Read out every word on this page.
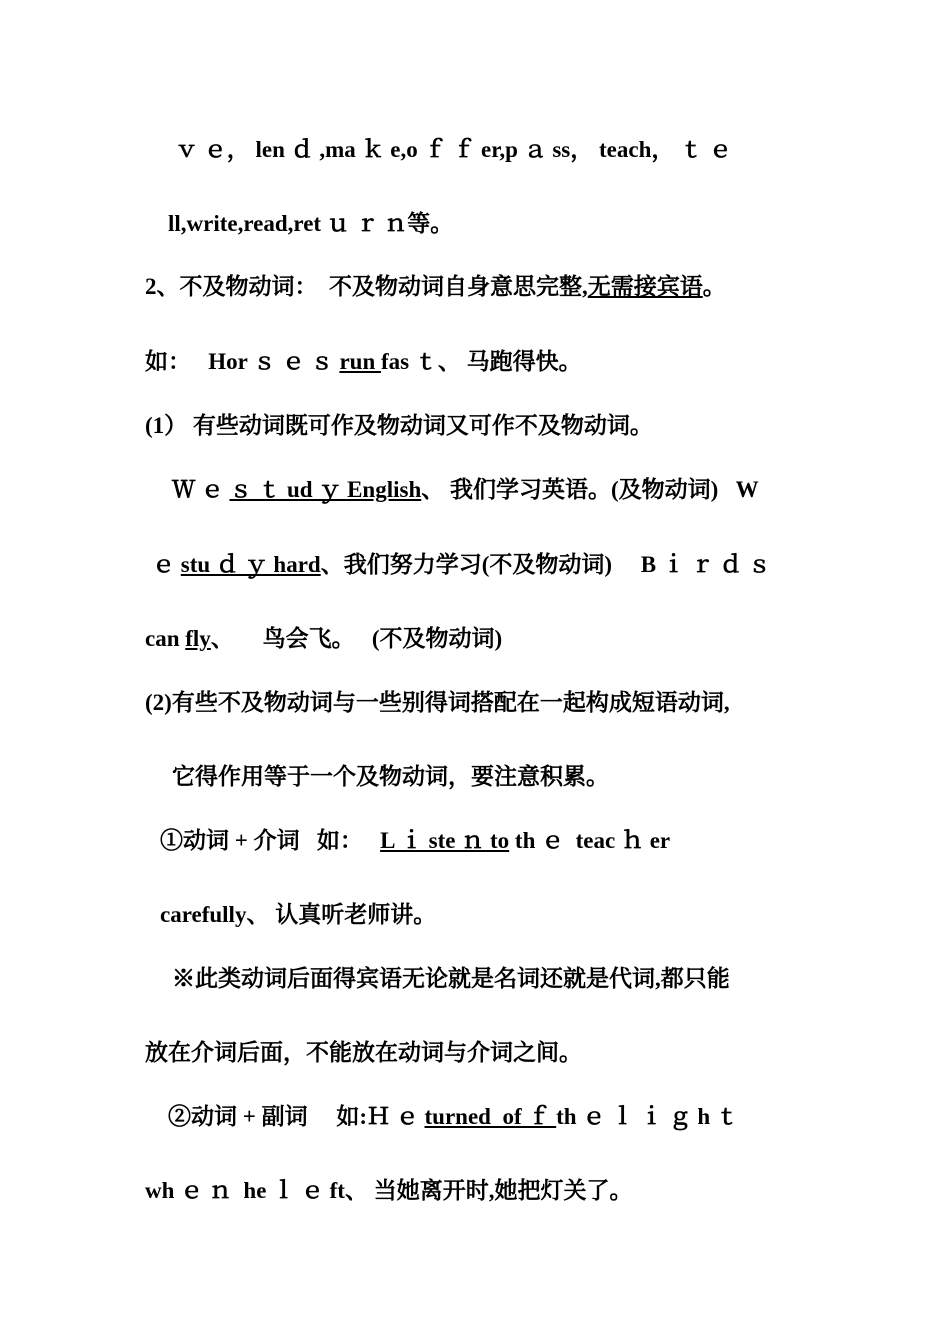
ｖ ｅ， len ｄ ,ma ｋ e,o ｆ ｆ er,p ａ ss， teach， ｔ ｅ
ll,write,read,ret ｕ ｒ ｎ等。
2、不及物动词：  不及物动词自身意思完整,无需接宾语。
如：   Hor ｓ ｅ ｓ run fas ｔ、 马跑得快。
(1） 有些动词既可作及物动词又可作不及物动词。
Ｗ ｅ ｓ ｔ ud ｙ English、 我们学习英语。(及物动词)   W
ｅ stu ｄ ｙ hard、我们努力学习(不及物动词)     B ｉ ｒ ｄ ｓ
can fly、     鸟会飞。   (不及物动词)
(2)有些不及物动词与一些别得词搭配在一起构成短语动词,
它得作用等于一个及物动词，要注意积累。
①动词 + 介词   如：   L ｉ ste ｎ to th ｅ  teac ｈ er
carefully、 认真听老师讲。
※此类动词后面得宾语无论就是名词还就是代词,都只能
放在介词后面，不能放在动词与介词之间。
②动词 + 副词     如:Ｈ ｅ turned  of ｆ th ｅ ｌ ｉ ｇ h ｔ
wh ｅ ｎ  he ｌ ｅ ft、 当她离开时,她把灯关了。
